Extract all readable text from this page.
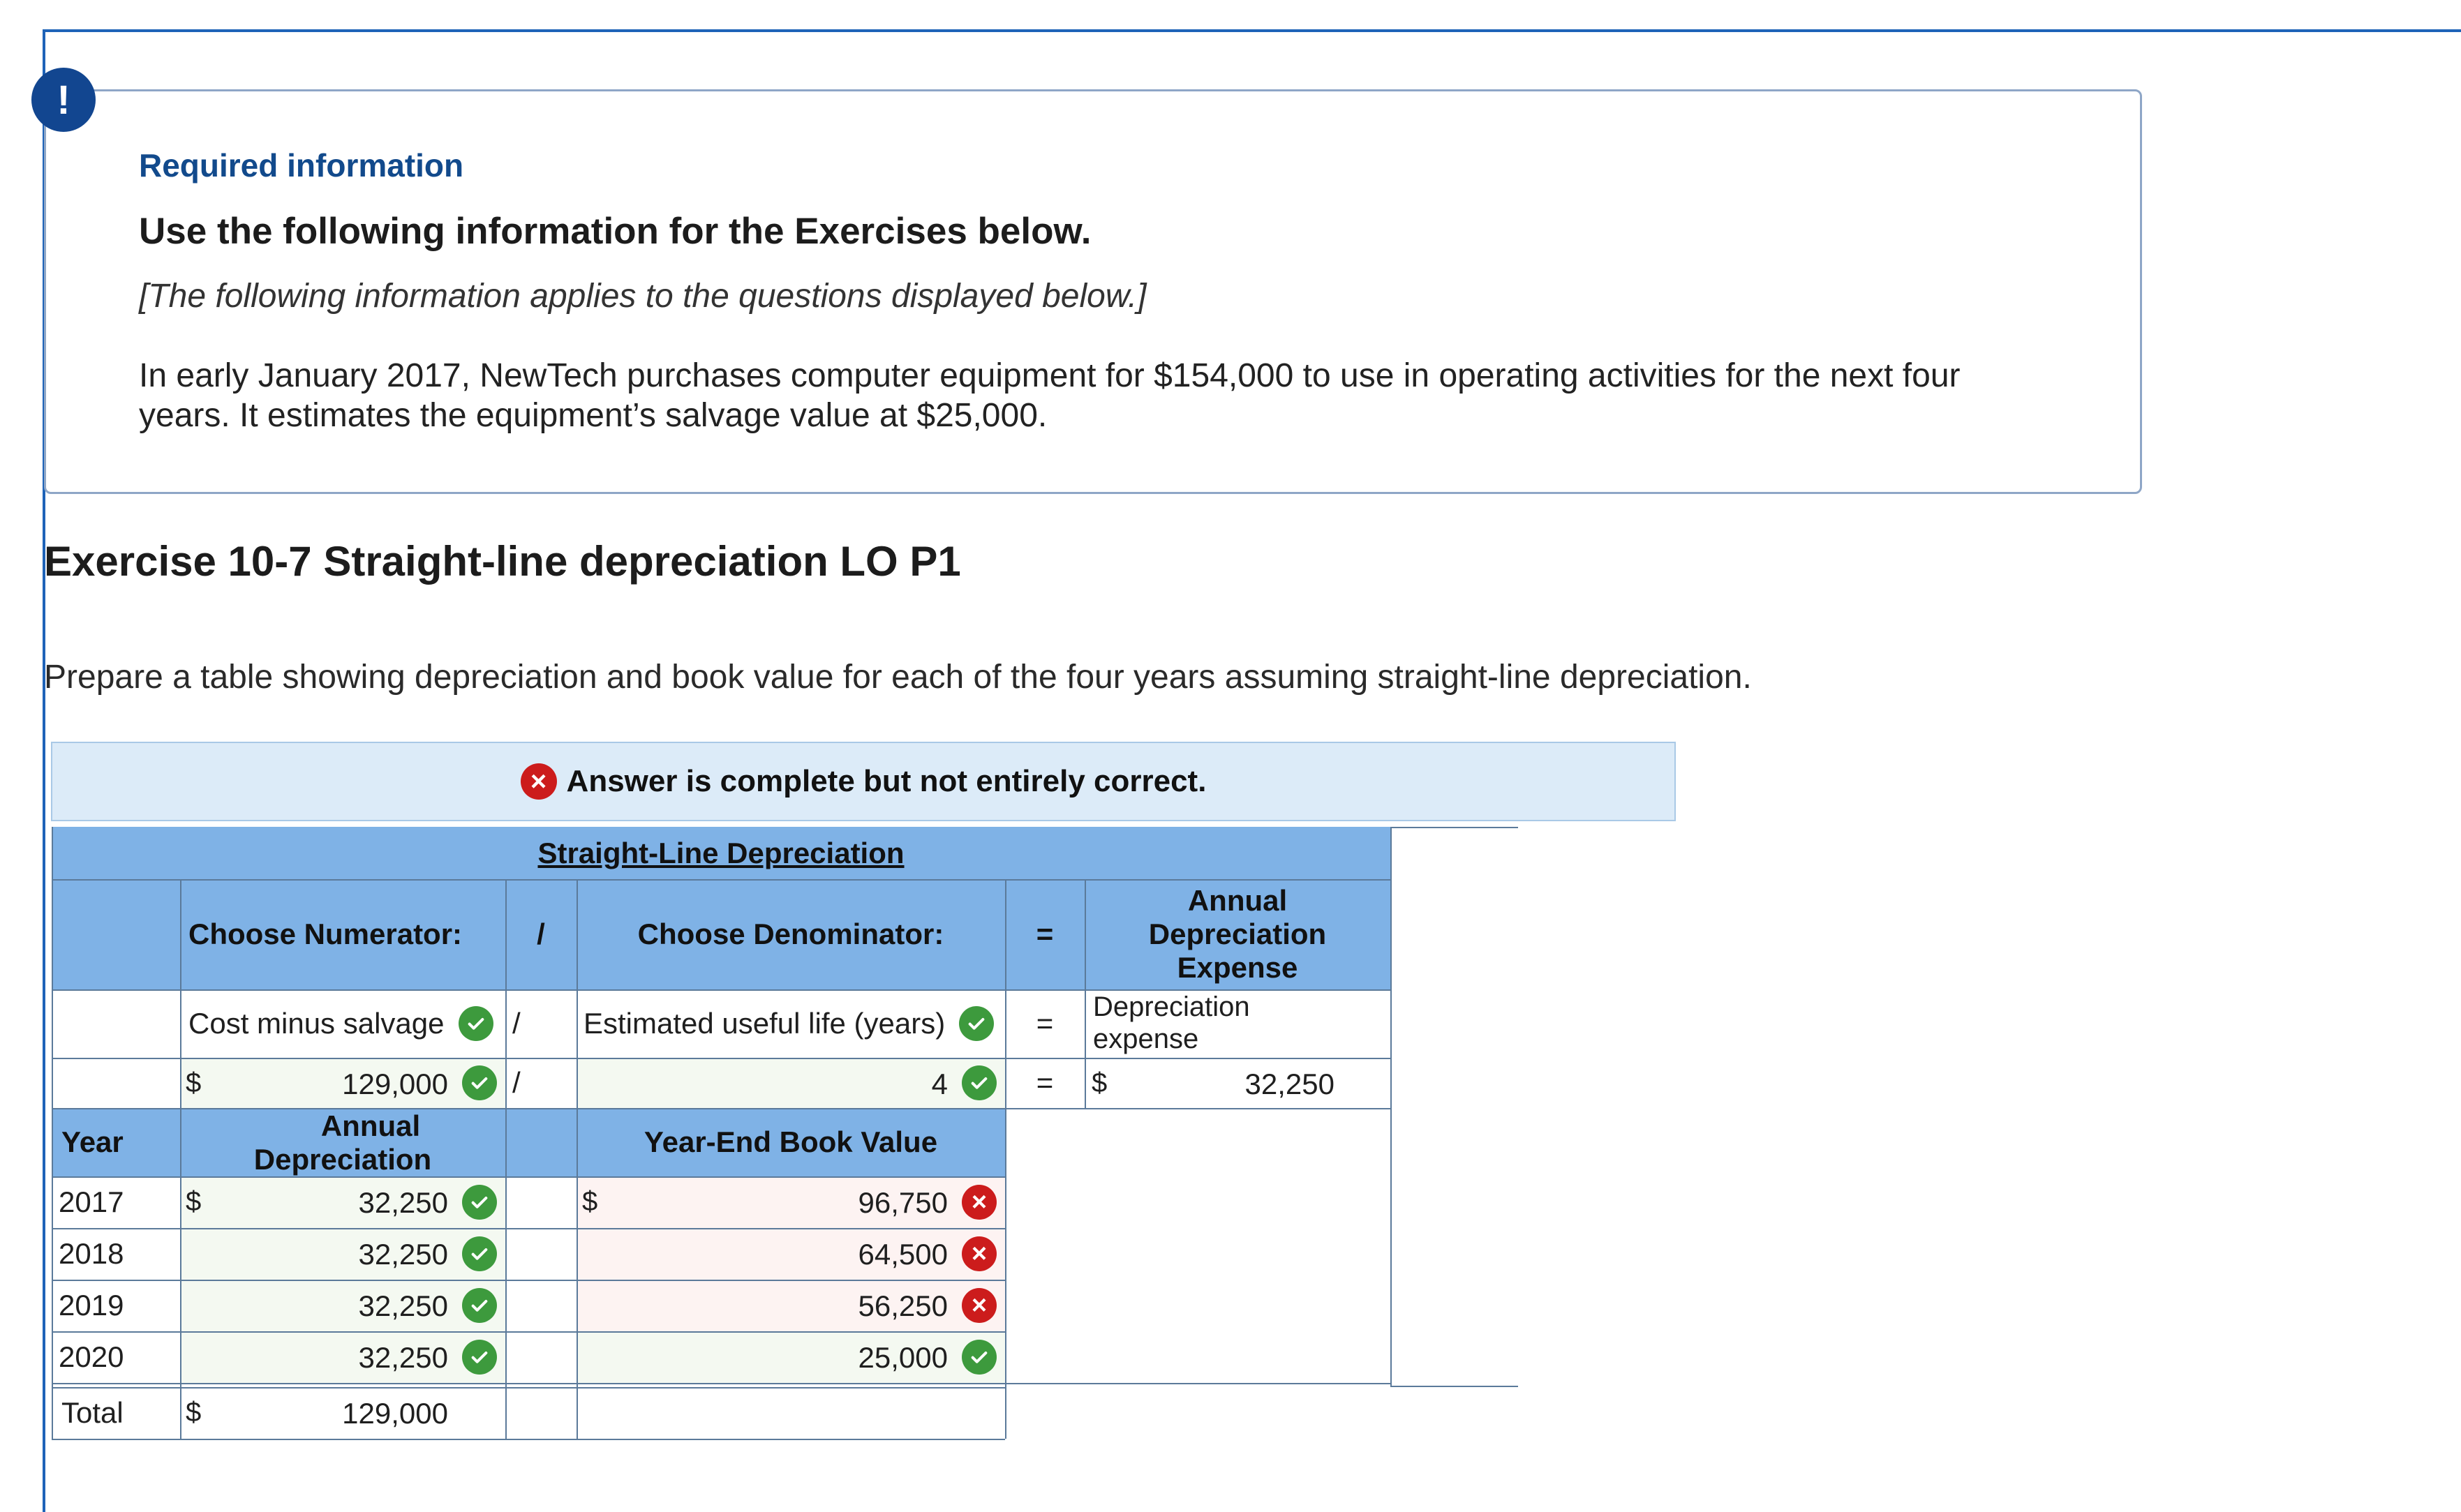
!
Required information
Use the following information for the Exercises below.
[The following information applies to the questions displayed below.]
In early January 2017, NewTech purchases computer equipment for $154,000 to use in operating activities for the next four
years. It estimates the equipment’s salvage value at $25,000.
Exercise 10-7 Straight-line depreciation LO P1
Prepare a table showing depreciation and book value for each of the four years assuming straight-line depreciation.
× Answer is complete but not entirely correct.
Straight-Line Depreciation
Choose Numerator:	/	Choose Denominator:	=
Annual
Depreciation
Expense
Cost minus salvage /	Estimated useful life (years)	=	Depreciation
expense
$	129,000 /	4	=	$	32,250
Year	Annual
Depreciation
Year-End Book Value
2017	$	32,250	$	96,750 ×
2018	32,250	64,500 ×
2019	32,250	56,250 ×
2020	32,250	25,000
Total	$	129,000
